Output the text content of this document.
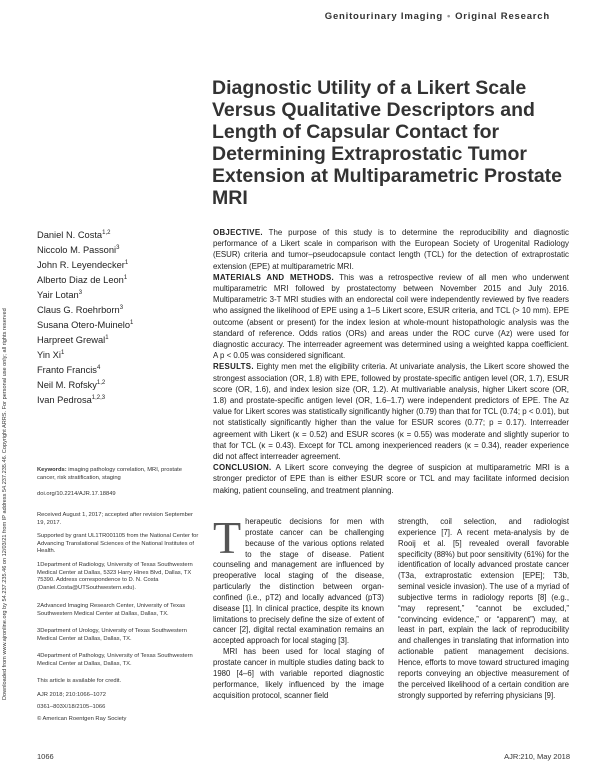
Downloaded from www.ajronline.org by 54.237.235.46 on 12/03/21 from IP address 54.237.235.46. Copyright ARRS. For personal use only; all rights reserved
Genitourinary Imaging • Original Research
Diagnostic Utility of a Likert Scale Versus Qualitative Descriptors and Length of Capsular Contact for Determining Extraprostatic Tumor Extension at Multiparametric Prostate MRI
Daniel N. Costa$^{1,2}$
Niccolo M. Passoni$^3$
John R. Leyendecker$^1$
Alberto Diaz de Leon$^1$
Yair Lotan$^3$
Claus G. Roehrborn$^3$
Susana Otero-Muinelo$^1$
Harpreet Grewal$^1$
Yin Xi$^1$
Franto Francis$^4$
Neil M. Rofsky$^{1,2}$
Ivan Pedrosa$^{1,2,3}$
Keywords: imaging pathology correlation, MRI, prostate cancer, risk stratification, staging
doi.org/10.2214/AJR.17.18849
Received August 1, 2017; accepted after revision September 19, 2017.
Supported by grant UL1TR001105 from the National Center for Advancing Translational Sciences of the National Institutes of Health.
1Department of Radiology, University of Texas Southwestern Medical Center at Dallas, 5323 Harry Hines Blvd, Dallas, TX 75390. Address correspondence to D. N. Costa (Daniel.Costa@UTSouthwestern.edu).
2Advanced Imaging Research Center, University of Texas Southwestern Medical Center at Dallas, Dallas, TX.
3Department of Urology, University of Texas Southwestern Medical Center at Dallas, Dallas, TX.
4Department of Pathology, University of Texas Southwestern Medical Center at Dallas, Dallas, TX.
This article is available for credit.
AJR 2018; 210:1066–1072
0361–803X/18/2105–1066
© American Roentgen Ray Society

OBJECTIVE. The purpose of this study is to determine the reproducibility and diagnostic performance of a Likert scale in comparison with the European Society of Urogenital Radiology (ESUR) criteria and tumor–pseudocapsule contact length (TCL) for the detection of extraprostatic extension (EPE) at multiparametric MRI.

MATERIALS AND METHODS. This was a retrospective review of all men who underwent multiparametric MRI followed by prostatectomy between November 2015 and July 2016. Multiparametric 3-T MRI studies with an endorectal coil were independently reviewed by five readers who assigned the likelihood of EPE using a 1–5 Likert score, ESUR criteria, and TCL (> 10 mm). EPE outcome (absent or present) for the index lesion at whole-mount histopathologic analysis was the standard of reference. Odds ratios (ORs) and areas under the ROC curve (Az) were used for diagnostic accuracy. The interreader agreement was determined using a weighted kappa coefficient. A p < 0.05 was considered significant.

RESULTS. Eighty men met the eligibility criteria. At univariate analysis, the Likert score showed the strongest association (OR, 1.8) with EPE, followed by prostate-specific antigen level (OR, 1.7), ESUR score (OR, 1.6), and index lesion size (OR, 1.2). At multivariable analysis, higher Likert score (OR, 1.8) and prostate-specific antigen level (OR, 1.6–1.7) were independent predictors of EPE. The Az value for Likert scores was statistically significantly higher (0.79) than that for TCL (0.74; p < 0.01), but not statistically significantly higher than the value for ESUR scores (0.77; p = 0.17). Interreader agreement with Likert (κ = 0.52) and ESUR scores (κ = 0.55) was moderate and slightly superior to that for TCL (κ = 0.43). Except for TCL among inexperienced readers (κ = 0.34), reader experience did not affect interreader agreement.

CONCLUSION. A Likert score conveying the degree of suspicion at multiparametric MRI is a stronger predictor of EPE than is either ESUR score or TCL and may facilitate informed decision making, patient counseling, and treatment planning.

Therapeutic decisions for men with prostate cancer can be challenging because of the various options related to the stage of disease. Patient counseling and management are influenced by preoperative local staging of the disease, particularly the distinction between organ-confined (i.e., pT2) and locally advanced (pT3) disease [1]. In clinical practice, despite its known limitations to precisely define the size of extent of cancer [2], digital rectal examination remains an accepted approach for local staging [3].

MRI has been used for local staging of prostate cancer in multiple studies dating back to 1980 [4–6] with variable reported diagnostic performance, likely influenced by the image acquisition protocol, scanner field

strength, coil selection, and radiologist experience [7]. A recent meta-analysis by de Rooij et al. [5] revealed overall favorable specificity (88%) but poor sensitivity (61%) for the identification of locally advanced prostate cancer (T3a, extraprostatic extension [EPE]; T3b, seminal vesicle invasion). The use of a myriad of subjective terms in radiology reports [8] (e.g., “may represent,” “cannot be excluded,” “convincing evidence,” or “apparent”) may, at least in part, explain the lack of reproducibility and challenges in translating that information into actionable patient management decisions. Hence, efforts to move toward structured imaging reports conveying an objective measurement of the perceived likelihood of a certain condition are strongly supported by referring physicians [9].

1066	AJR:210, May 2018
